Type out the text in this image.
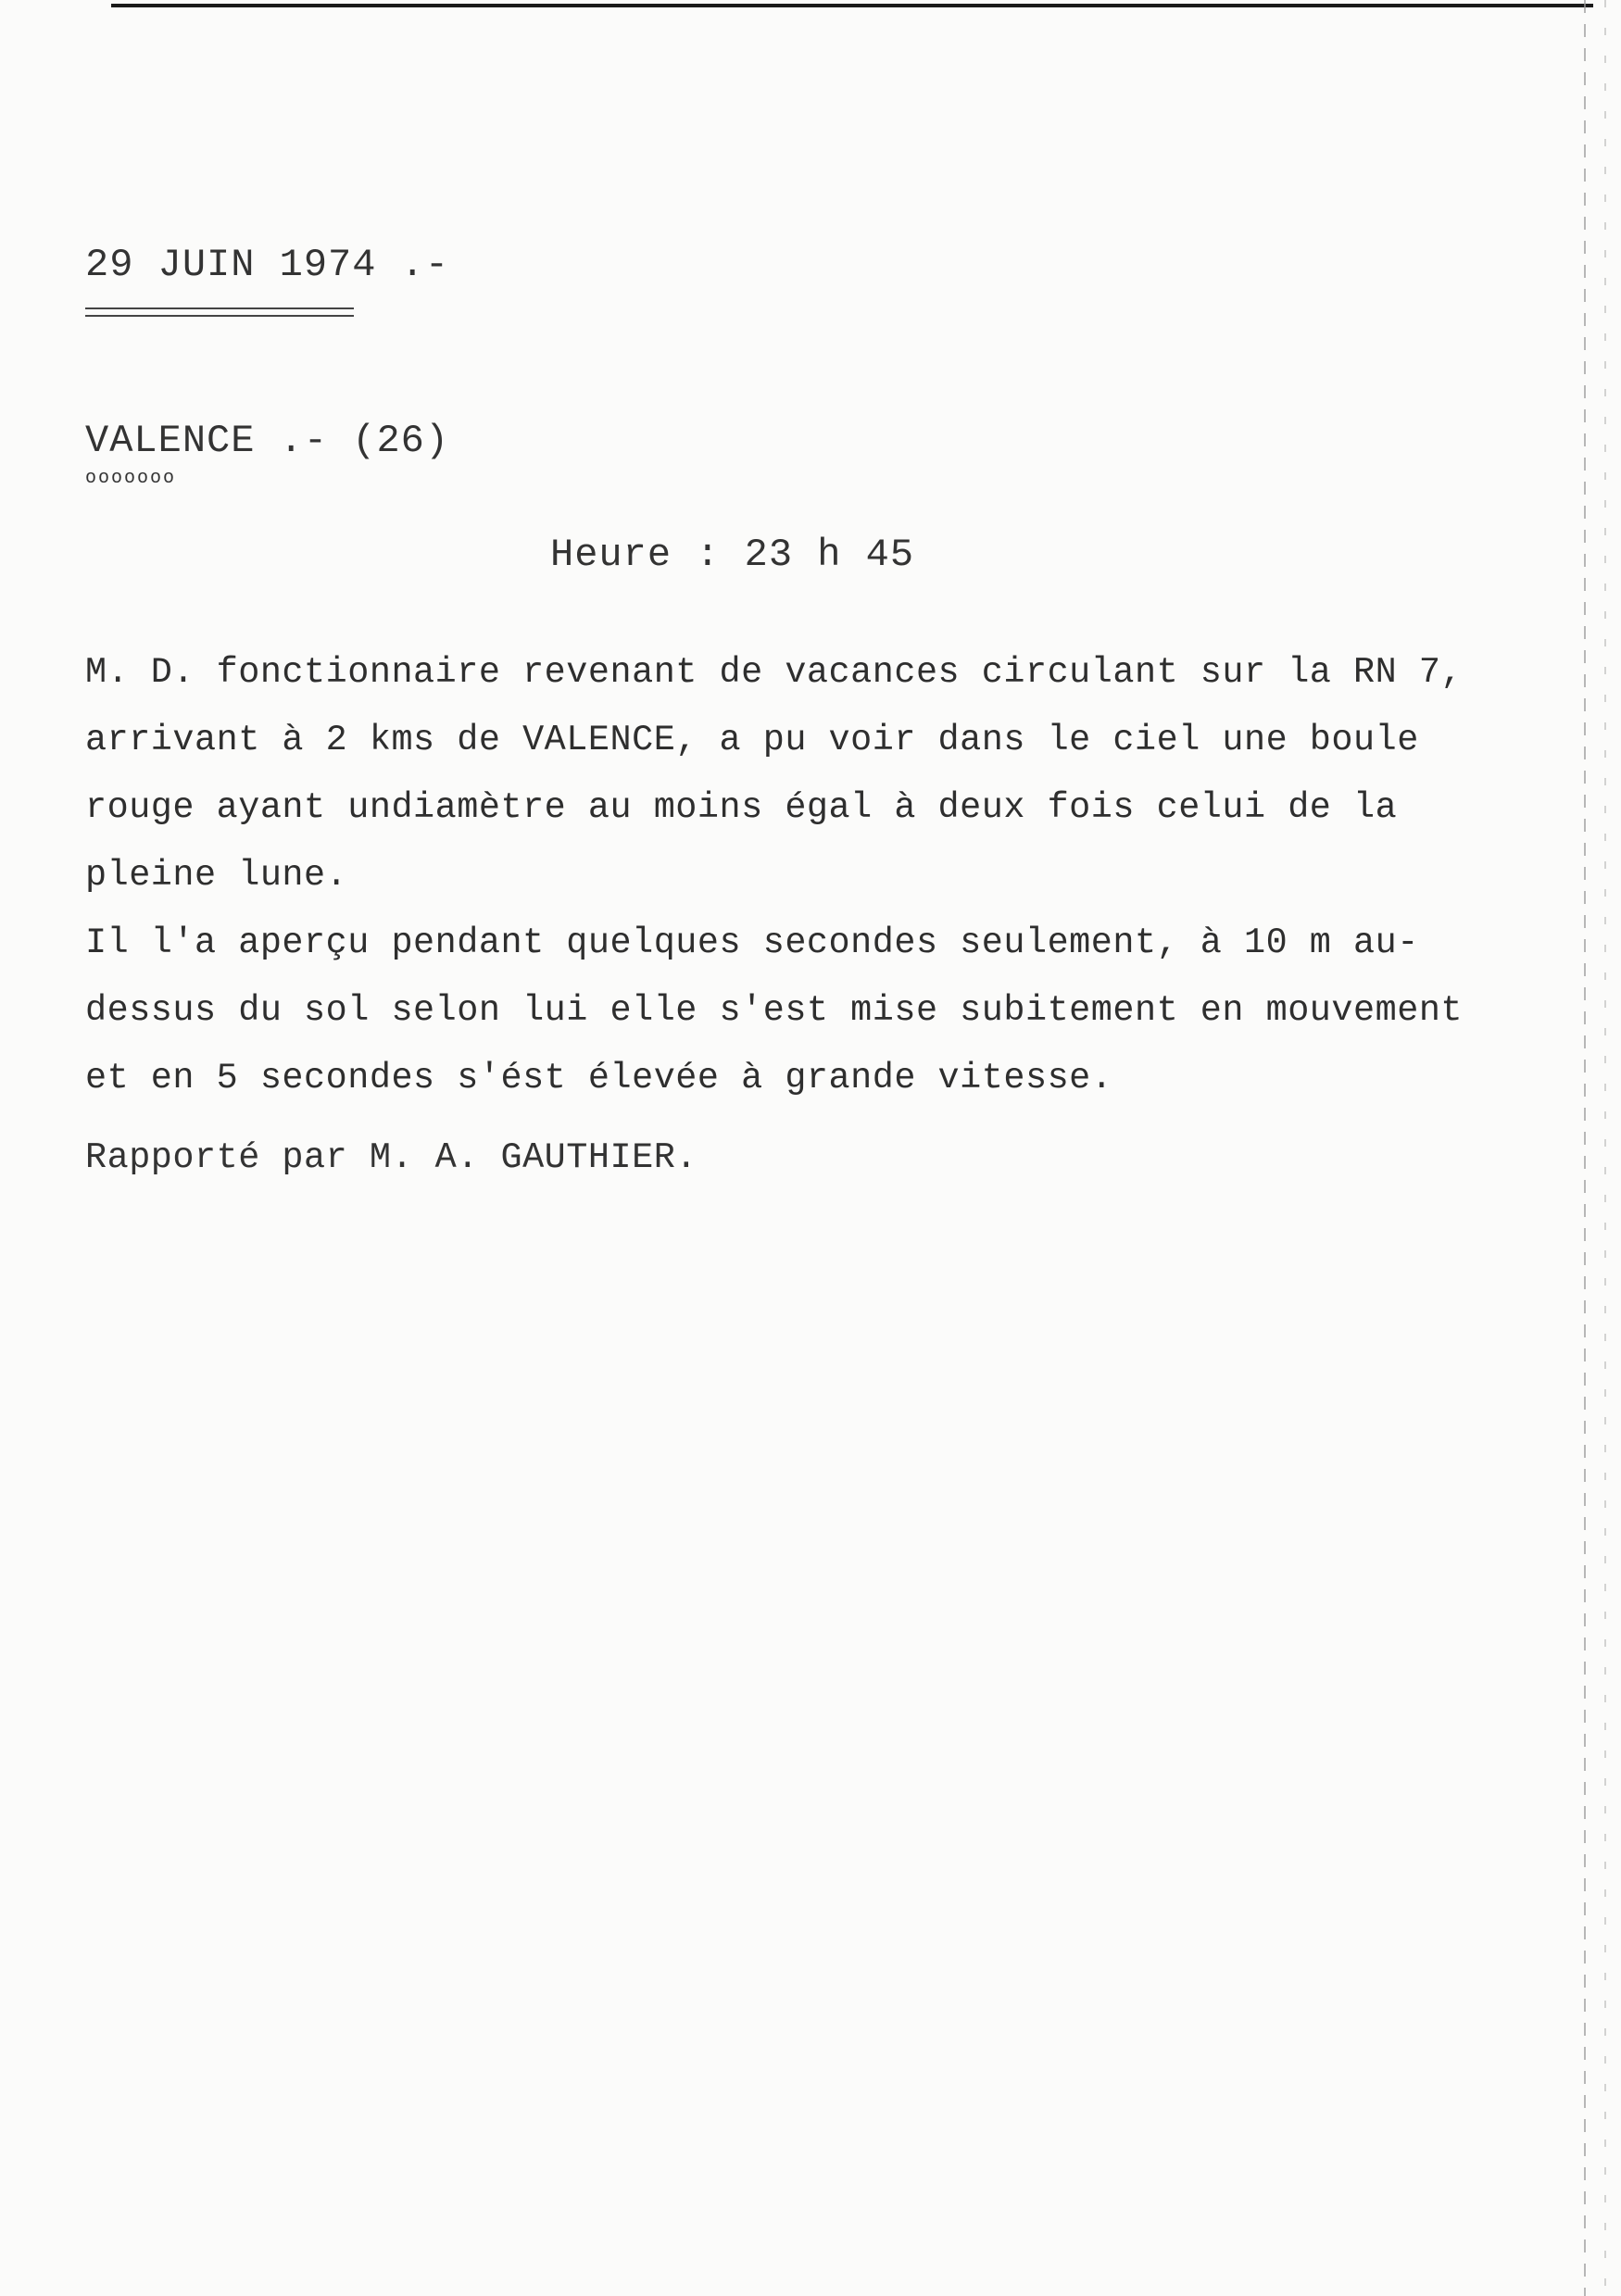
29 JUIN 1974 .-
VALENCE .- (26)
ooooooo
Heure : 23 h 45
M. D. fonctionnaire revenant de vacances circulant sur la RN 7,
arrivant à 2 kms de VALENCE, a pu voir dans le ciel une boule
rouge ayant undiamètre au moins égal à deux fois celui de la
pleine lune.
Il l'a aperçu pendant quelques secondes seulement, à 10 m au-
dessus du sol selon lui elle s'est mise subitement en mouvement
et en 5 secondes s'ést élevée à grande vitesse.
Rapporté par M. A. GAUTHIER.
